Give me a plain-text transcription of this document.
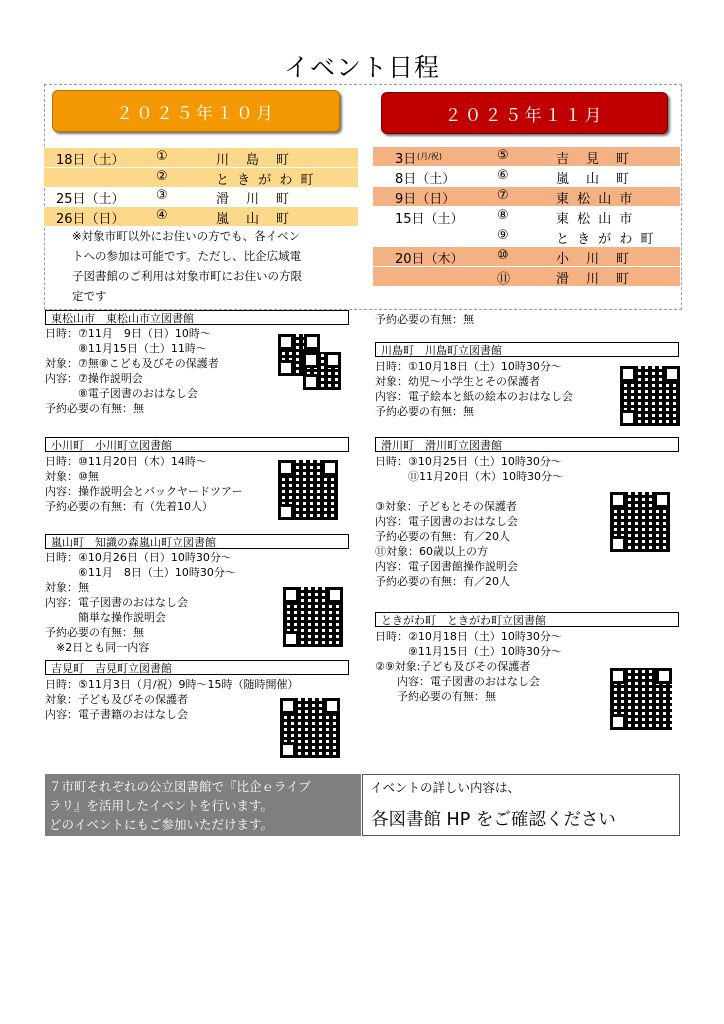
イベント日程
２０２５年１０月
18日（土） ①	川　島　町
②	と き が わ 町
25日（土） ③	滑　川　町
26日（日） ④	嵐　山　町
※対象市町以外にお住いの方でも、各イベン
トへの参加は可能です。ただし、比企広域電
子図書館のご利用は対象市町にお住いの方限
定です
２０２５年１１月
3日 (月/祝)	⑤	吉　見　町
8日（土）	⑥	嵐　山　町
9日（日）	⑦	東 松 山 市
15日（土）	⑧	東 松 山 市
⑨	と き が わ 町
20日（木）	⑩	小　川　町
⑪	滑　川　町
東松山市　東松山市立図書館
日時：⑦11月　9日（日）10時～
　　　⑧11月15日（土）11時～
対象：⑦無⑧こども及びその保護者
内容：⑦操作説明会
　　　⑧電子図書のおはなし会
予約必要の有無：無
小川町　小川町立図書館
日時：⑩11月20日（木）14時～
対象：⑩無
内容：操作説明会とバックヤードツアー
予約必要の有無：有（先着10人）
嵐山町　知識の森嵐山町立図書館
日時：④10月26日（日）10時30分～
　　　⑥11月　8日（土）10時30分～
対象：無
内容：電子図書のおはなし会
　　　簡単な操作説明会
予約必要の有無：無
　※2日とも同一内容
吉見町　吉見町立図書館
日時：⑤11月3日（月/祝）9時～15時（随時開催）
対象：子ども及びその保護者
内容：電子書籍のおはなし会
予約必要の有無：無
川島町　川島町立図書館
日時：①10月18日（土）10時30分～
対象：幼児～小学生とその保護者
内容：電子絵本と紙の絵本のおはなし会
予約必要の有無：無
滑川町　滑川町立図書館
日時：③10月25日（土）10時30分～
　　　⑪11月20日（木）10時30分～
③対象：子どもとその保護者
内容：電子図書のおはなし会
予約必要の有無：有／20人
⑪対象：60歳以上の方
内容：電子図書館操作説明会
予約必要の有無：有／20人
ときがわ町　ときがわ町立図書館
日時：②10月18日（土）10時30分～
　　　⑨11月15日（土）10時30分～
②⑨対象:子ども及びその保護者
　　内容：電子図書のおはなし会
　　予約必要の有無：無
７市町それぞれの公立図書館で『比企ｅライブ
ラリ』を活用したイベントを行います。
どのイベントにもご参加いただけます。
イベントの詳しい内容は、
各図書館 HP をご確認ください
